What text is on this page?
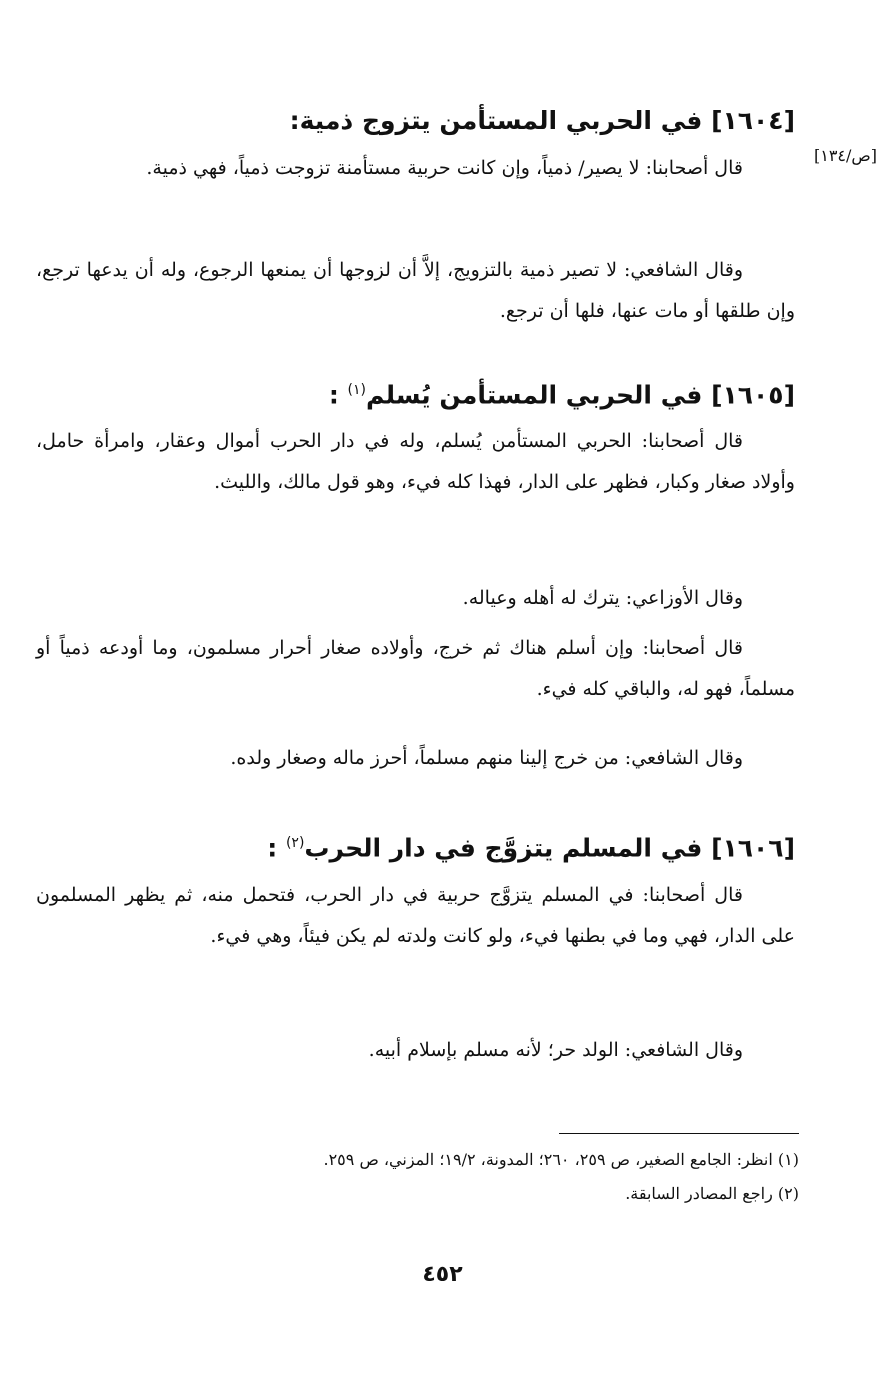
[ص/١٣٤]
[١٦٠٤] في الحربي المستأمن يتزوج ذمية:
قال أصحابنا: لا يصير/ ذمياً، وإن كانت حربية مستأمنة تزوجت ذمياً، فهي ذمية.
وقال الشافعي: لا تصير ذمية بالتزويج، إلاَّ أن لزوجها أن يمنعها الرجوع، وله أن يدعها ترجع، وإن طلقها أو مات عنها، فلها أن ترجع.
[١٦٠٥] في الحربي المستأمن يُسلم$^{(١)}$ :
قال أصحابنا: الحربي المستأمن يُسلم، وله في دار الحرب أموال وعقار، وامرأة حامل، وأولاد صغار وكبار، فظهر على الدار، فهذا كله فيء، وهو قول مالك، والليث.
وقال الأوزاعي: يترك له أهله وعياله.
قال أصحابنا: وإن أسلم هناك ثم خرج، وأولاده صغار أحرار مسلمون، وما أودعه ذمياً أو مسلماً، فهو له، والباقي كله فيء.
وقال الشافعي: من خرج إلينا منهم مسلماً، أحرز ماله وصغار ولده.
[١٦٠٦] في المسلم يتزوَّج في دار الحرب$^{(٢)}$ :
قال أصحابنا: في المسلم يتزوَّج حربية في دار الحرب، فتحمل منه، ثم يظهر المسلمون على الدار، فهي وما في بطنها فيء، ولو كانت ولدته لم يكن فيئاً، وهي فيء.
وقال الشافعي: الولد حر؛ لأنه مسلم بإسلام أبيه.
(١) انظر: الجامع الصغير، ص ٢٥٩، ٢٦٠؛ المدونة، ١٩/٢؛ المزني، ص ٢٥٩.
(٢) راجع المصادر السابقة.
٤٥٢
